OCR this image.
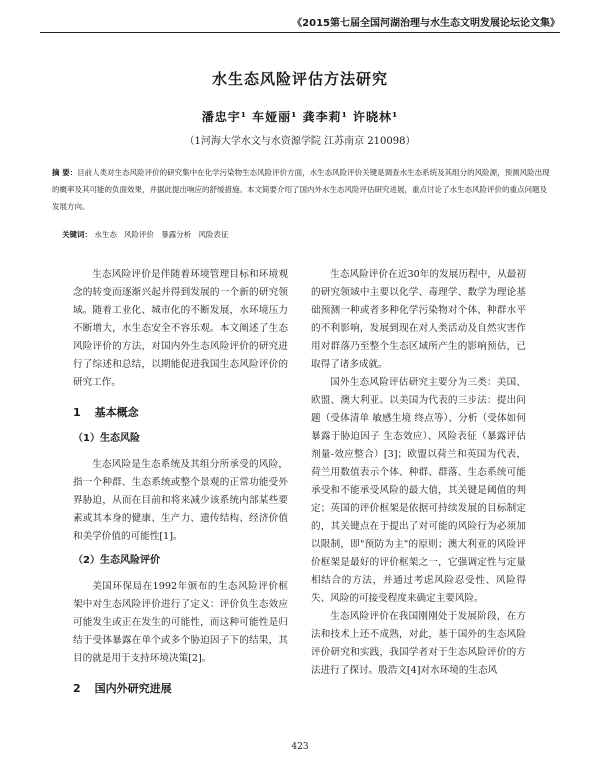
《2015第七届全国河湖治理与水生态文明发展论坛论文集》
水生态风险评估方法研究
潘忠宇¹ 车娅丽¹ 龚李莉¹ 许晓林¹
（1河海大学水文与水资源学院 江苏南京 210098）
摘 要：目前人类对生态风险评价的研究集中在化学污染物生态风险评价方面，水生态风险评价关键是调查水生态系统及其组分的风险源，预测风险出现的概率及其可能的负面效果，并据此提出响应的舒缓措施。本文简要介绍了国内外水生态风险评估研究进展，重点讨论了水生态风险评价的重点问题及发展方向。
关键词： 水生态 风险评价 暴露分析 风险表征

生态风险评价是伴随着环境管理目标和环境观念的转变而逐渐兴起并得到发展的一个新的研究领域。随着工业化、城市化的不断发展，水环境压力不断增大，水生态安全不容乐观。本文阐述了生态风险评价的方法，对国内外生态风险评价的研究进行了综述和总结，以期能促进我国生态风险评价的研究工作。

1 基本概念
（1）生态风险

生态风险是生态系统及其组分所承受的风险，指一个种群、生态系统或整个景观的正常功能受外界胁迫，从而在目前和将来减少该系统内部某些要素或其本身的健康、生产力、遗传结构、经济价值和美学价值的可能性[1]。

（2）生态风险评价

美国环保局在1992年颁布的生态风险评价框架中对生态风险评价进行了定义：评价负生态效应可能发生或正在发生的可能性，而这种可能性是归结于受体暴露在单个或多个胁迫因子下的结果，其目的就是用于支持环境决策[2]。

2 国内外研究进展

生态风险评价在近30年的发展历程中，从最初的研究领域中主要以化学、毒理学、数学为理论基础预测一种或者多种化学污染物对个体、种群水平的不利影响，发展到现在对人类活动及自然灾害作用对群落乃至整个生态区域所产生的影响预估，已取得了诸多成就。

国外生态风险评估研究主要分为三类：美国、欧盟、澳大利亚。以美国为代表的三步法：提出问题（受体清单 敏感生境 终点等）、分析（受体如何暴露于胁迫因子 生态效应）、风险表征（暴露评估 剂量-效应整合）[3]；欧盟以荷兰和英国为代表，荷兰用数值表示个体、种群、群落、生态系统可能承受和不能承受风险的最大值，其关键是阈值的判定；英国的评价框架是依据可持续发展的目标制定的，其关键点在于提出了对可能的风险行为必须加以限制，即"预防为主"的原则；澳大利亚的风险评价框架是最好的评价框架之一，它强调定性与定量相结合的方法，并通过考虑风险忍受性、风险得失、风险的可接受程度来确定主要风险。

生态风险评价在我国刚刚处于发展阶段，在方法和技术上还不成熟，对此，基于国外的生态风险评价研究和实践，我国学者对于生态风险评价的方法进行了探讨。殷浩文[4]对水环境的生态风

423
